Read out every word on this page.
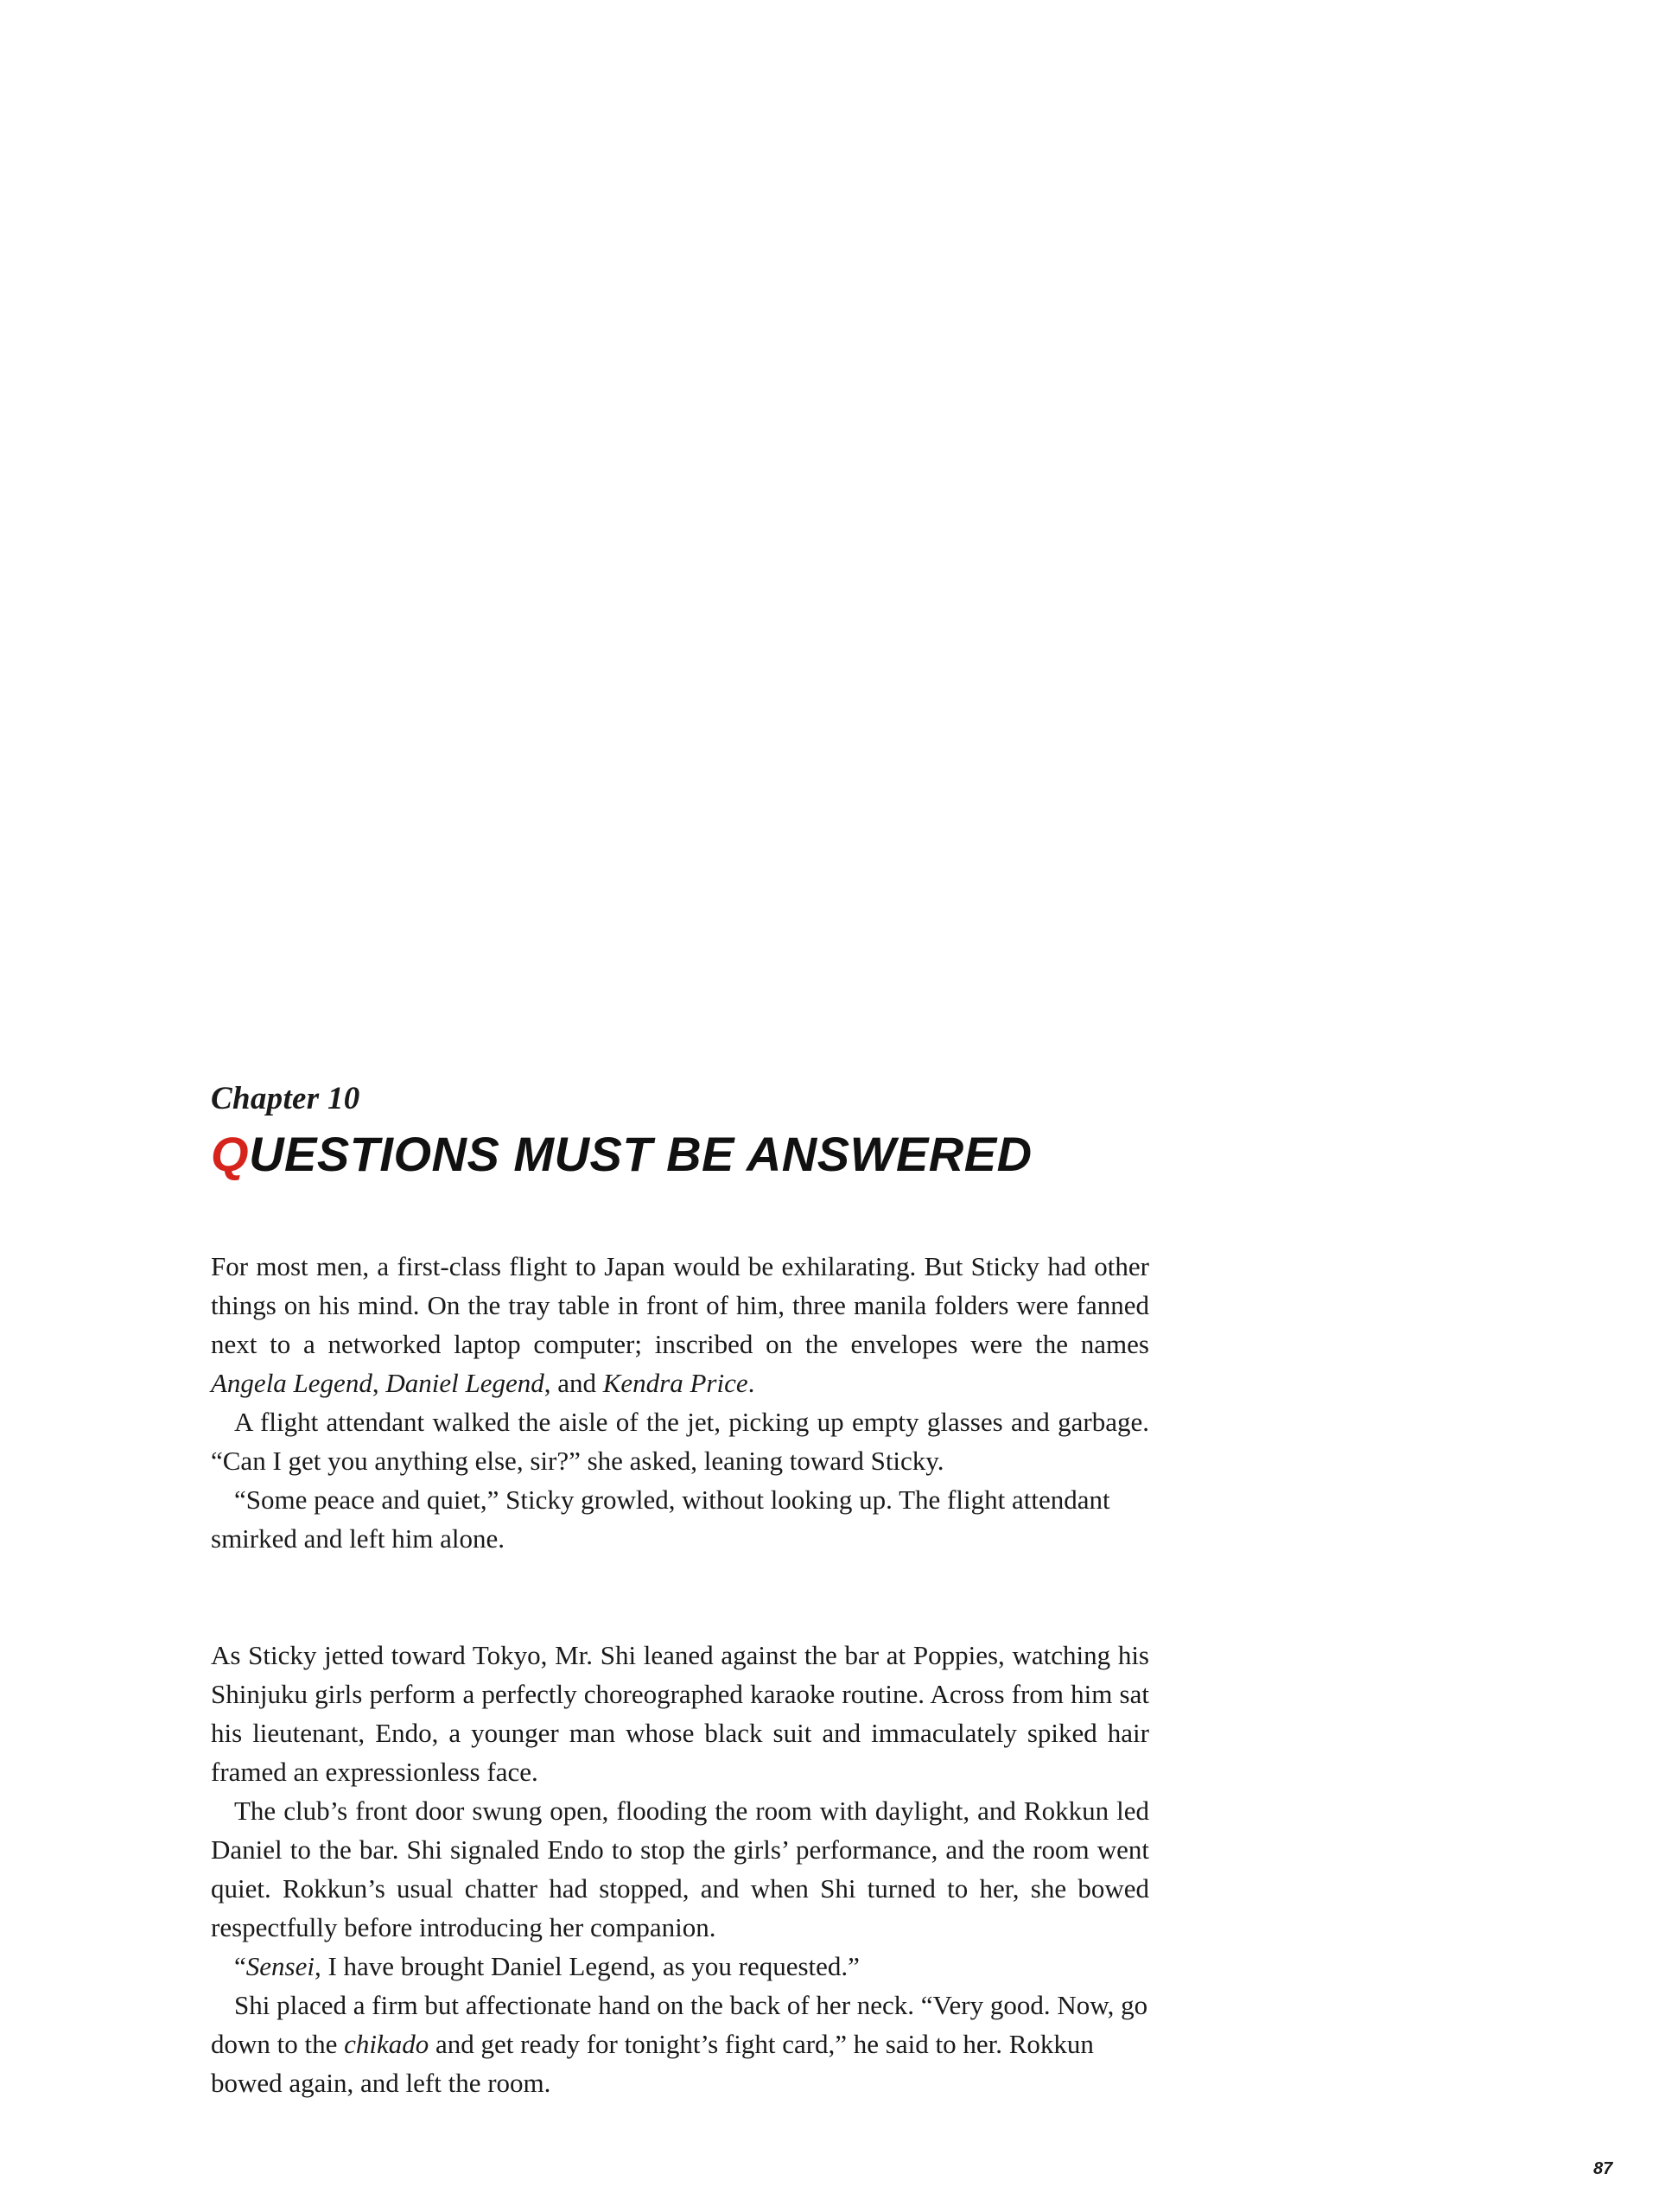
Chapter 10
QUESTIONS MUST BE ANSWERED

For most men, a first-class flight to Japan would be exhilarating. But Sticky had other things on his mind. On the tray table in front of him, three manila folders were fanned next to a networked laptop computer; inscribed on the envelopes were the names Angela Legend, Daniel Legend, and Kendra Price.

A flight attendant walked the aisle of the jet, picking up empty glasses and garbage. “Can I get you anything else, sir?” she asked, leaning toward Sticky.

“Some peace and quiet,” Sticky growled, without looking up. The flight attendant smirked and left him alone.

As Sticky jetted toward Tokyo, Mr. Shi leaned against the bar at Poppies, watching his Shinjuku girls perform a perfectly choreographed karaoke routine. Across from him sat his lieutenant, Endo, a younger man whose black suit and immaculately spiked hair framed an expressionless face.

The club’s front door swung open, flooding the room with daylight, and Rokkun led Daniel to the bar. Shi signaled Endo to stop the girls’ performance, and the room went quiet. Rokkun’s usual chatter had stopped, and when Shi turned to her, she bowed respectfully before introducing her companion.

“Sensei, I have brought Daniel Legend, as you requested.”

Shi placed a firm but affectionate hand on the back of her neck. “Very good. Now, go down to the chikado and get ready for tonight’s fight card,” he said to her. Rokkun bowed again, and left the room.

87
